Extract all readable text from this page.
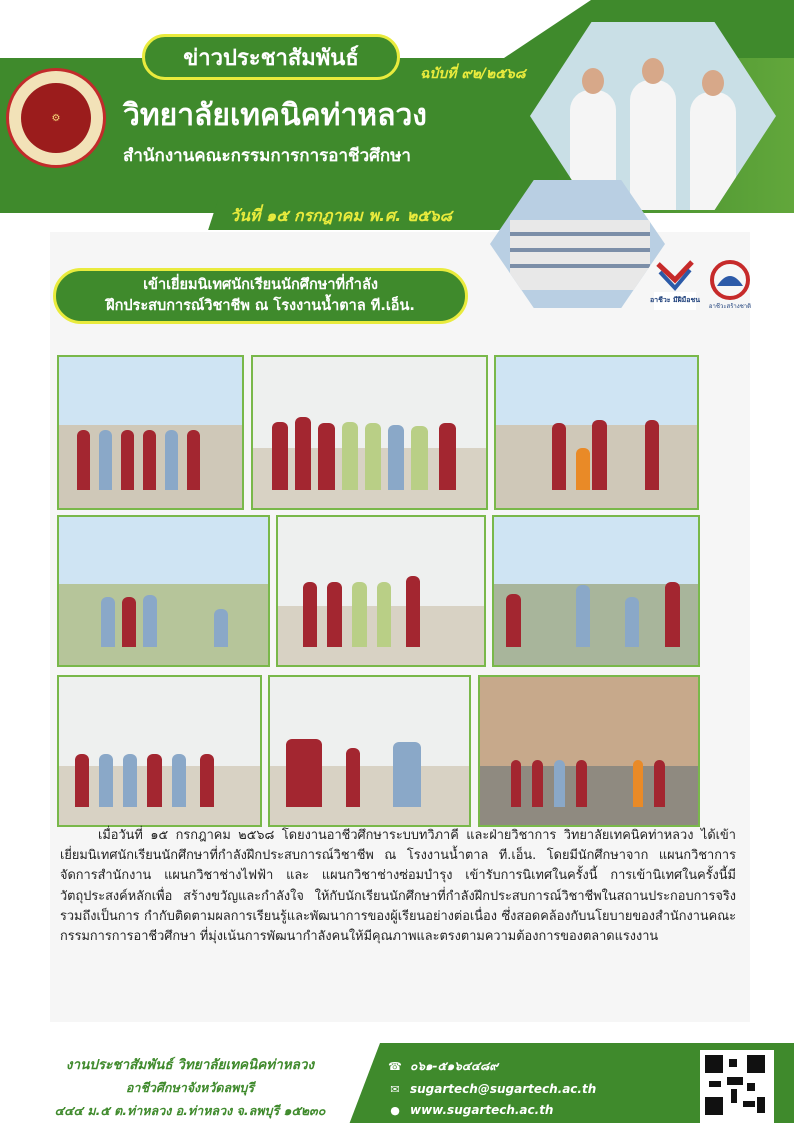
⚙
ข่าวประชาสัมพันธ์
ฉบับที่ ๙๒/๒๕๖๘
วิทยาลัยเทคนิคท่าหลวง
สำนักงานคณะกรรมการการอาชีวศึกษา
วันที่ ๑๕ กรกฎาคม พ.ศ. ๒๕๖๘
เข้าเยี่ยมนิเทศนักเรียนนักศึกษาที่กำลัง
ฝึกประสบการณ์วิชาชีพ ณ โรงงานน้ำตาล ที.เอ็น.	อาชีวะ มีฝีมือชน
อาชีวะสร้างชาติ

เมื่อวันที่ ๑๕ กรกฎาคม ๒๕๖๘ โดยงานอาชีวศึกษาระบบทวิภาคี และฝ่ายวิชาการ วิทยาลัยเทคนิคท่าหลวง ได้เข้าเยี่ยมนิเทศนักเรียนนักศึกษาที่กำลังฝึกประสบการณ์วิชาชีพ ณ โรงงานน้ำตาล ที.เอ็น. โดยมีนักศึกษาจาก แผนกวิชาการจัดการสำนักงาน แผนกวิชาช่างไฟฟ้า และ แผนกวิชาช่างซ่อมบำรุง เข้ารับการนิเทศในครั้งนี้ การเข้านิเทศในครั้งนี้มีวัตถุประสงค์หลักเพื่อ สร้างขวัญและกำลังใจ ให้กับนักเรียนนักศึกษาที่กำลังฝึกประสบการณ์วิชาชีพในสถานประกอบการจริง รวมถึงเป็นการ กำกับติดตามผลการเรียนรู้และพัฒนาการของผู้เรียนอย่างต่อเนื่อง ซึ่งสอดคล้องกับนโยบายของสำนักงานคณะกรรมการการอาชีวศึกษา ที่มุ่งเน้นการพัฒนากำลังคนให้มีคุณภาพและตรงตามความต้องการของตลาดแรงงาน

งานประชาสัมพันธ์ วิทยาลัยเทคนิคท่าหลวง
อาชีวศึกษาจังหวัดลพบุรี
๔๔๔ ม.๕ ต.ท่าหลวง อ.ท่าหลวง จ.ลพบุรี ๑๕๒๓๐
☎ ๐๖๑-๕๑๖๔๔๘๙
✉ sugartech@sugartech.ac.th
● www.sugartech.ac.th
